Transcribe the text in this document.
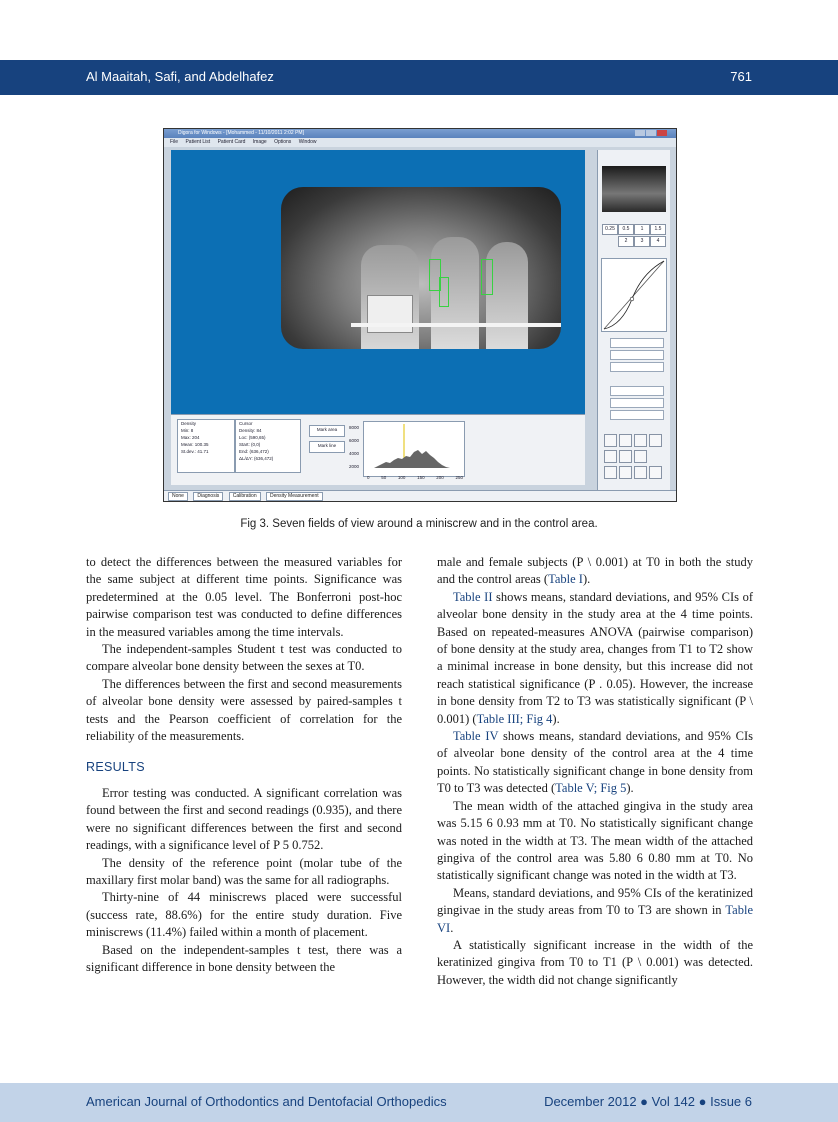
Al Maaitah, Safi, and Abdelhafez	761
Digora for Windows - [Mohammed - 11/10/2011 2:02 PM]
File Patient List Patient Card Image Options Window
0.25	0.5	1	1.5
2	3	4
Density
Min: 8
Max: 204
Mean: 100.35
St.dev.: 41.71
Cursor
Density: 84
Loc: (590,65)
Start: (0,0)
End: (636,472)
ΔL/ΔY: (636,472)
Mark area
Mark line
8000
6000
4000
2000
0	50	100	150	200	250
None	Diagnosis	Calibration	Density Measurement
Fig 3. Seven fields of view around a miniscrew and in the control area.

to detect the differences between the measured variables for the same subject at different time points. Significance was predetermined at the 0.05 level. The Bonferroni post-hoc pairwise comparison test was conducted to define differences in the measured variables among the time intervals.

The independent-samples Student t test was conducted to compare alveolar bone density between the sexes at T0.

The differences between the first and second measurements of alveolar bone density were assessed by paired-samples t tests and the Pearson coefficient of correlation for the reliability of the measurements.

RESULTS

Error testing was conducted. A significant correlation was found between the first and second readings (0.935), and there were no significant differences between the first and second readings, with a significance level of P 5 0.752.

The density of the reference point (molar tube of the maxillary first molar band) was the same for all radiographs.

Thirty-nine of 44 miniscrews placed were successful (success rate, 88.6%) for the entire study duration. Five miniscrews (11.4%) failed within a month of placement.

Based on the independent-samples t test, there was a significant difference in bone density between the

male and female subjects (P \ 0.001) at T0 in both the study and the control areas (Table I).

Table II shows means, standard deviations, and 95% CIs of alveolar bone density in the study area at the 4 time points. Based on repeated-measures ANOVA (pairwise comparison) of bone density at the study area, changes from T1 to T2 show a minimal increase in bone density, but this increase did not reach statistical significance (P . 0.05). However, the increase in bone density from T2 to T3 was statistically significant (P \ 0.001) (Table III; Fig 4).

Table IV shows means, standard deviations, and 95% CIs of alveolar bone density of the control area at the 4 time points. No statistically significant change in bone density from T0 to T3 was detected (Table V; Fig 5).

The mean width of the attached gingiva in the study area was 5.15 6 0.93 mm at T0. No statistically significant change was noted in the width at T3. The mean width of the attached gingiva of the control area was 5.80 6 0.80 mm at T0. No statistically significant change was noted in the width at T3.

Means, standard deviations, and 95% CIs of the keratinized gingivae in the study areas from T0 to T3 are shown in Table VI.

A statistically significant increase in the width of the keratinized gingiva from T0 to T1 (P \ 0.001) was detected. However, the width did not change significantly

American Journal of Orthodontics and Dentofacial Orthopedics	December 2012 ● Vol 142 ● Issue 6
